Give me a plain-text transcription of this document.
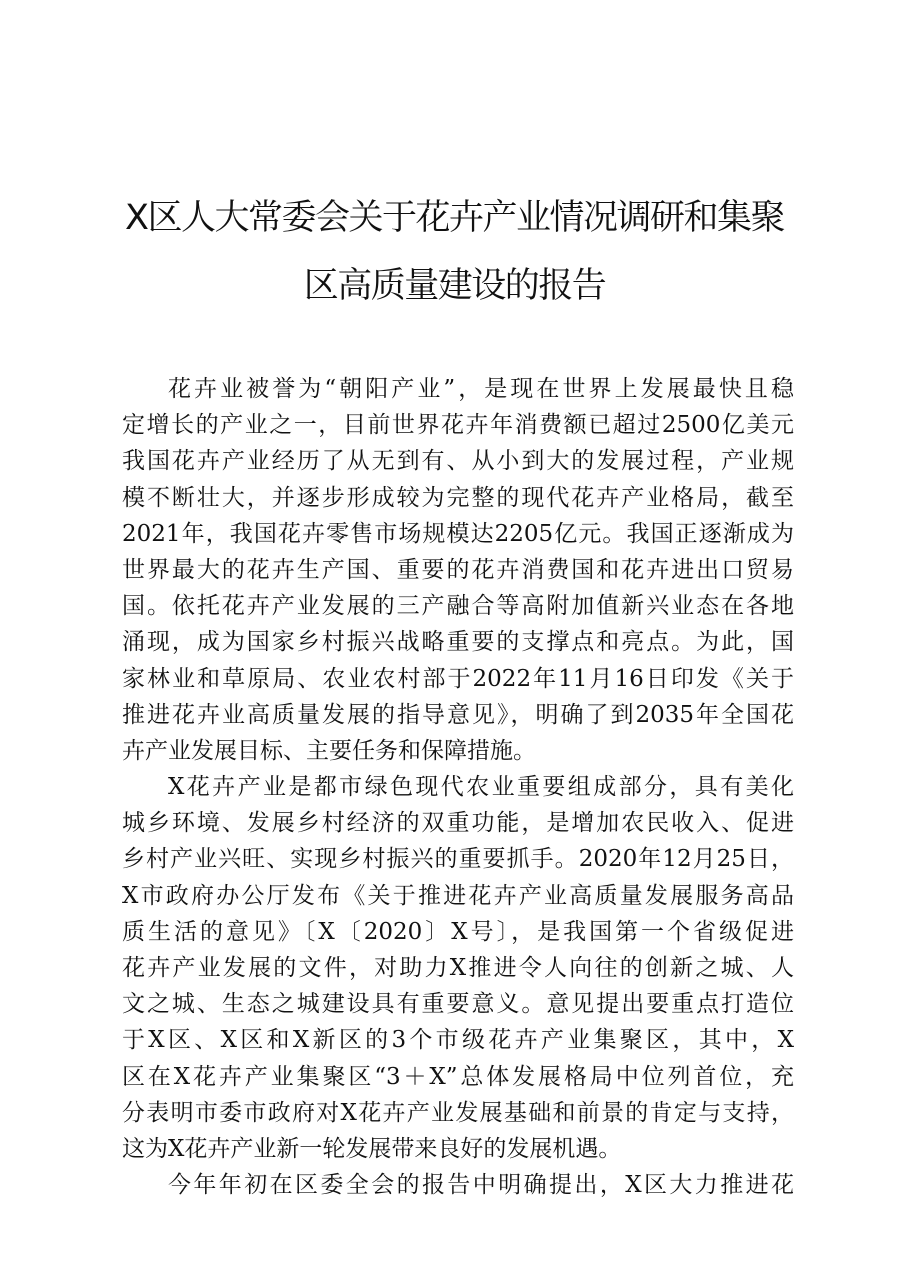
X区人大常委会关于花卉产业情况调研和集聚
区高质量建设的报告
花卉业被誉为“朝阳产业”，是现在世界上发展最快且稳
定增长的产业之一，目前世界花卉年消费额已超过2500亿美元
我国花卉产业经历了从无到有、从小到大的发展过程，产业规
模不断壮大，并逐步形成较为完整的现代花卉产业格局，截至
2021年，我国花卉零售市场规模达2205亿元。我国正逐渐成为
世界最大的花卉生产国、重要的花卉消费国和花卉进出口贸易
国。依托花卉产业发展的三产融合等高附加值新兴业态在各地
涌现，成为国家乡村振兴战略重要的支撑点和亮点。为此，国
家林业和草原局、农业农村部于2022年11月16日印发《关于
推进花卉业高质量发展的指导意见》，明确了到2035年全国花
卉产业发展目标、主要任务和保障措施。
X花卉产业是都市绿色现代农业重要组成部分，具有美化
城乡环境、发展乡村经济的双重功能，是增加农民收入、促进
乡村产业兴旺、实现乡村振兴的重要抓手。2020年12月25日，
X市政府办公厅发布《关于推进花卉产业高质量发展服务高品
质生活的意见》〔X〔2020〕X号〕，是我国第一个省级促进
花卉产业发展的文件，对助力X推进令人向往的创新之城、人
文之城、生态之城建设具有重要意义。意见提出要重点打造位
于X区、X区和X新区的3个市级花卉产业集聚区，其中，X
区在X花卉产业集聚区“3＋X”总体发展格局中位列首位，充
分表明市委市政府对X花卉产业发展基础和前景的肯定与支持，
这为X花卉产业新一轮发展带来良好的发展机遇。
今年年初在区委全会的报告中明确提出，X区大力推进花
